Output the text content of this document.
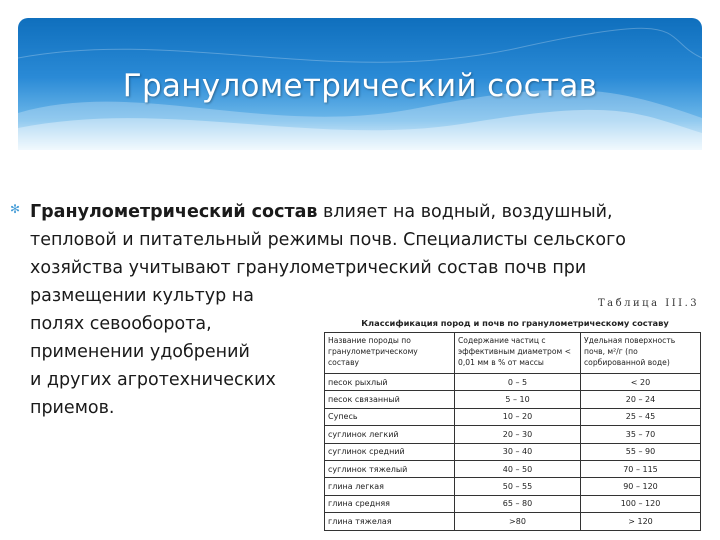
Гранулометрический состав
✻ Гранулометрический состав влияет на водный, воздушный,
тепловой и питательный режимы почв. Специалисты сельского
хозяйства учитывают гранулометрический состав почв при
размещении культур на
полях севооборота,
применении удобрений
и других агротехнических
приемов.
Таблица III.3
Классификация пород и почв по гранулометрическому составу
Название породы по гранулометрическому составу	Содержание частиц с эффективным диаметром < 0,01 мм в % от массы	Удельная поверхность почв, м²/г (по сорбированной воде)
песок рыхлый	0 – 5	< 20
песок связанный	5 – 10	20 – 24
Супесь	10 – 20	25 – 45
суглинок легкий	20 – 30	35 – 70
суглинок средний	30 – 40	55 – 90
суглинок тяжелый	40 – 50	70 – 115
глина легкая	50 – 55	90 – 120
глина средняя	65 – 80	100 – 120
глина тяжелая	>80	> 120
